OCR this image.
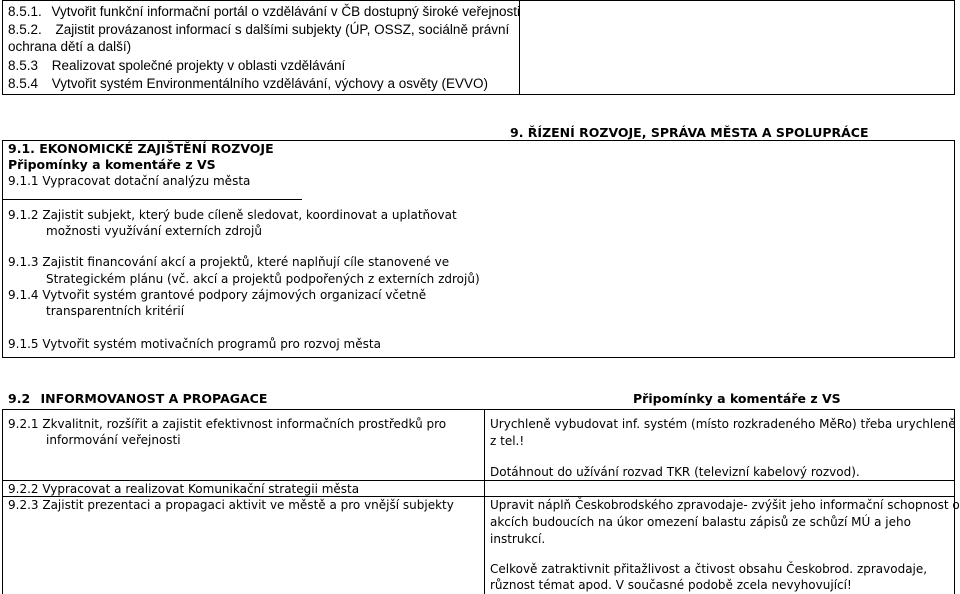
8.5.1. Vytvořit funkční informační portál o vzdělávání v ČB dostupný široké veřejnosti
8.5.2. Zajistit provázanost informací s dalšími subjekty (ÚP, OSSZ, sociálně právní
ochrana dětí a další)
8.5.3 Realizovat společné projekty v oblasti vzdělávání
8.5.4 Vytvořit systém Environmentálního vzdělávání, výchovy a osvěty (EVVO)
9. ŘÍZENÍ ROZVOJE, SPRÁVA MĚSTA A SPOLUPRÁCE
9.1. EKONOMICKÉ ZAJIŠTĚNÍ ROZVOJE
Připomínky a komentáře z VS
9.1.1 Vypracovat dotační analýzu města
9.1.2 Zajistit subjekt, který bude cíleně sledovat, koordinovat a uplatňovat
možnosti využívání externích zdrojů
9.1.3 Zajistit financování akcí a projektů, které naplňují cíle stanovené ve
Strategickém plánu (vč. akcí a projektů podpořených z externích zdrojů)
9.1.4 Vytvořit systém grantové podpory zájmových organizací včetně
transparentních kritérií
9.1.5 Vytvořit systém motivačních programů pro rozvoj města
9.2 INFORMOVANOST A PROPAGACE	Připomínky a komentáře z VS
9.2.1 Zkvalitnit, rozšířit a zajistit efektivnost informačních prostředků pro
informování veřejnosti
9.2.2 Vypracovat a realizovat Komunikační strategii města
9.2.3 Zajistit prezentaci a propagaci aktivit ve městě a pro vnější subjekty
Urychleně vybudovat inf. systém (místo rozkradeného MěRo) třeba urychleně
z tel.!
Dotáhnout do užívání rozvad TKR (televizní kabelový rozvod).
Upravit náplň Českobrodského zpravodaje- zvýšit jeho informační schopnost o
akcích budoucích na úkor omezení balastu zápisů ze schůzí MÚ a jeho
instrukcí.
Celkově zatraktivnit přitažlivost a čtivost obsahu Českobrod. zpravodaje,
různost témat apod. V současné podobě zcela nevyhovující!
